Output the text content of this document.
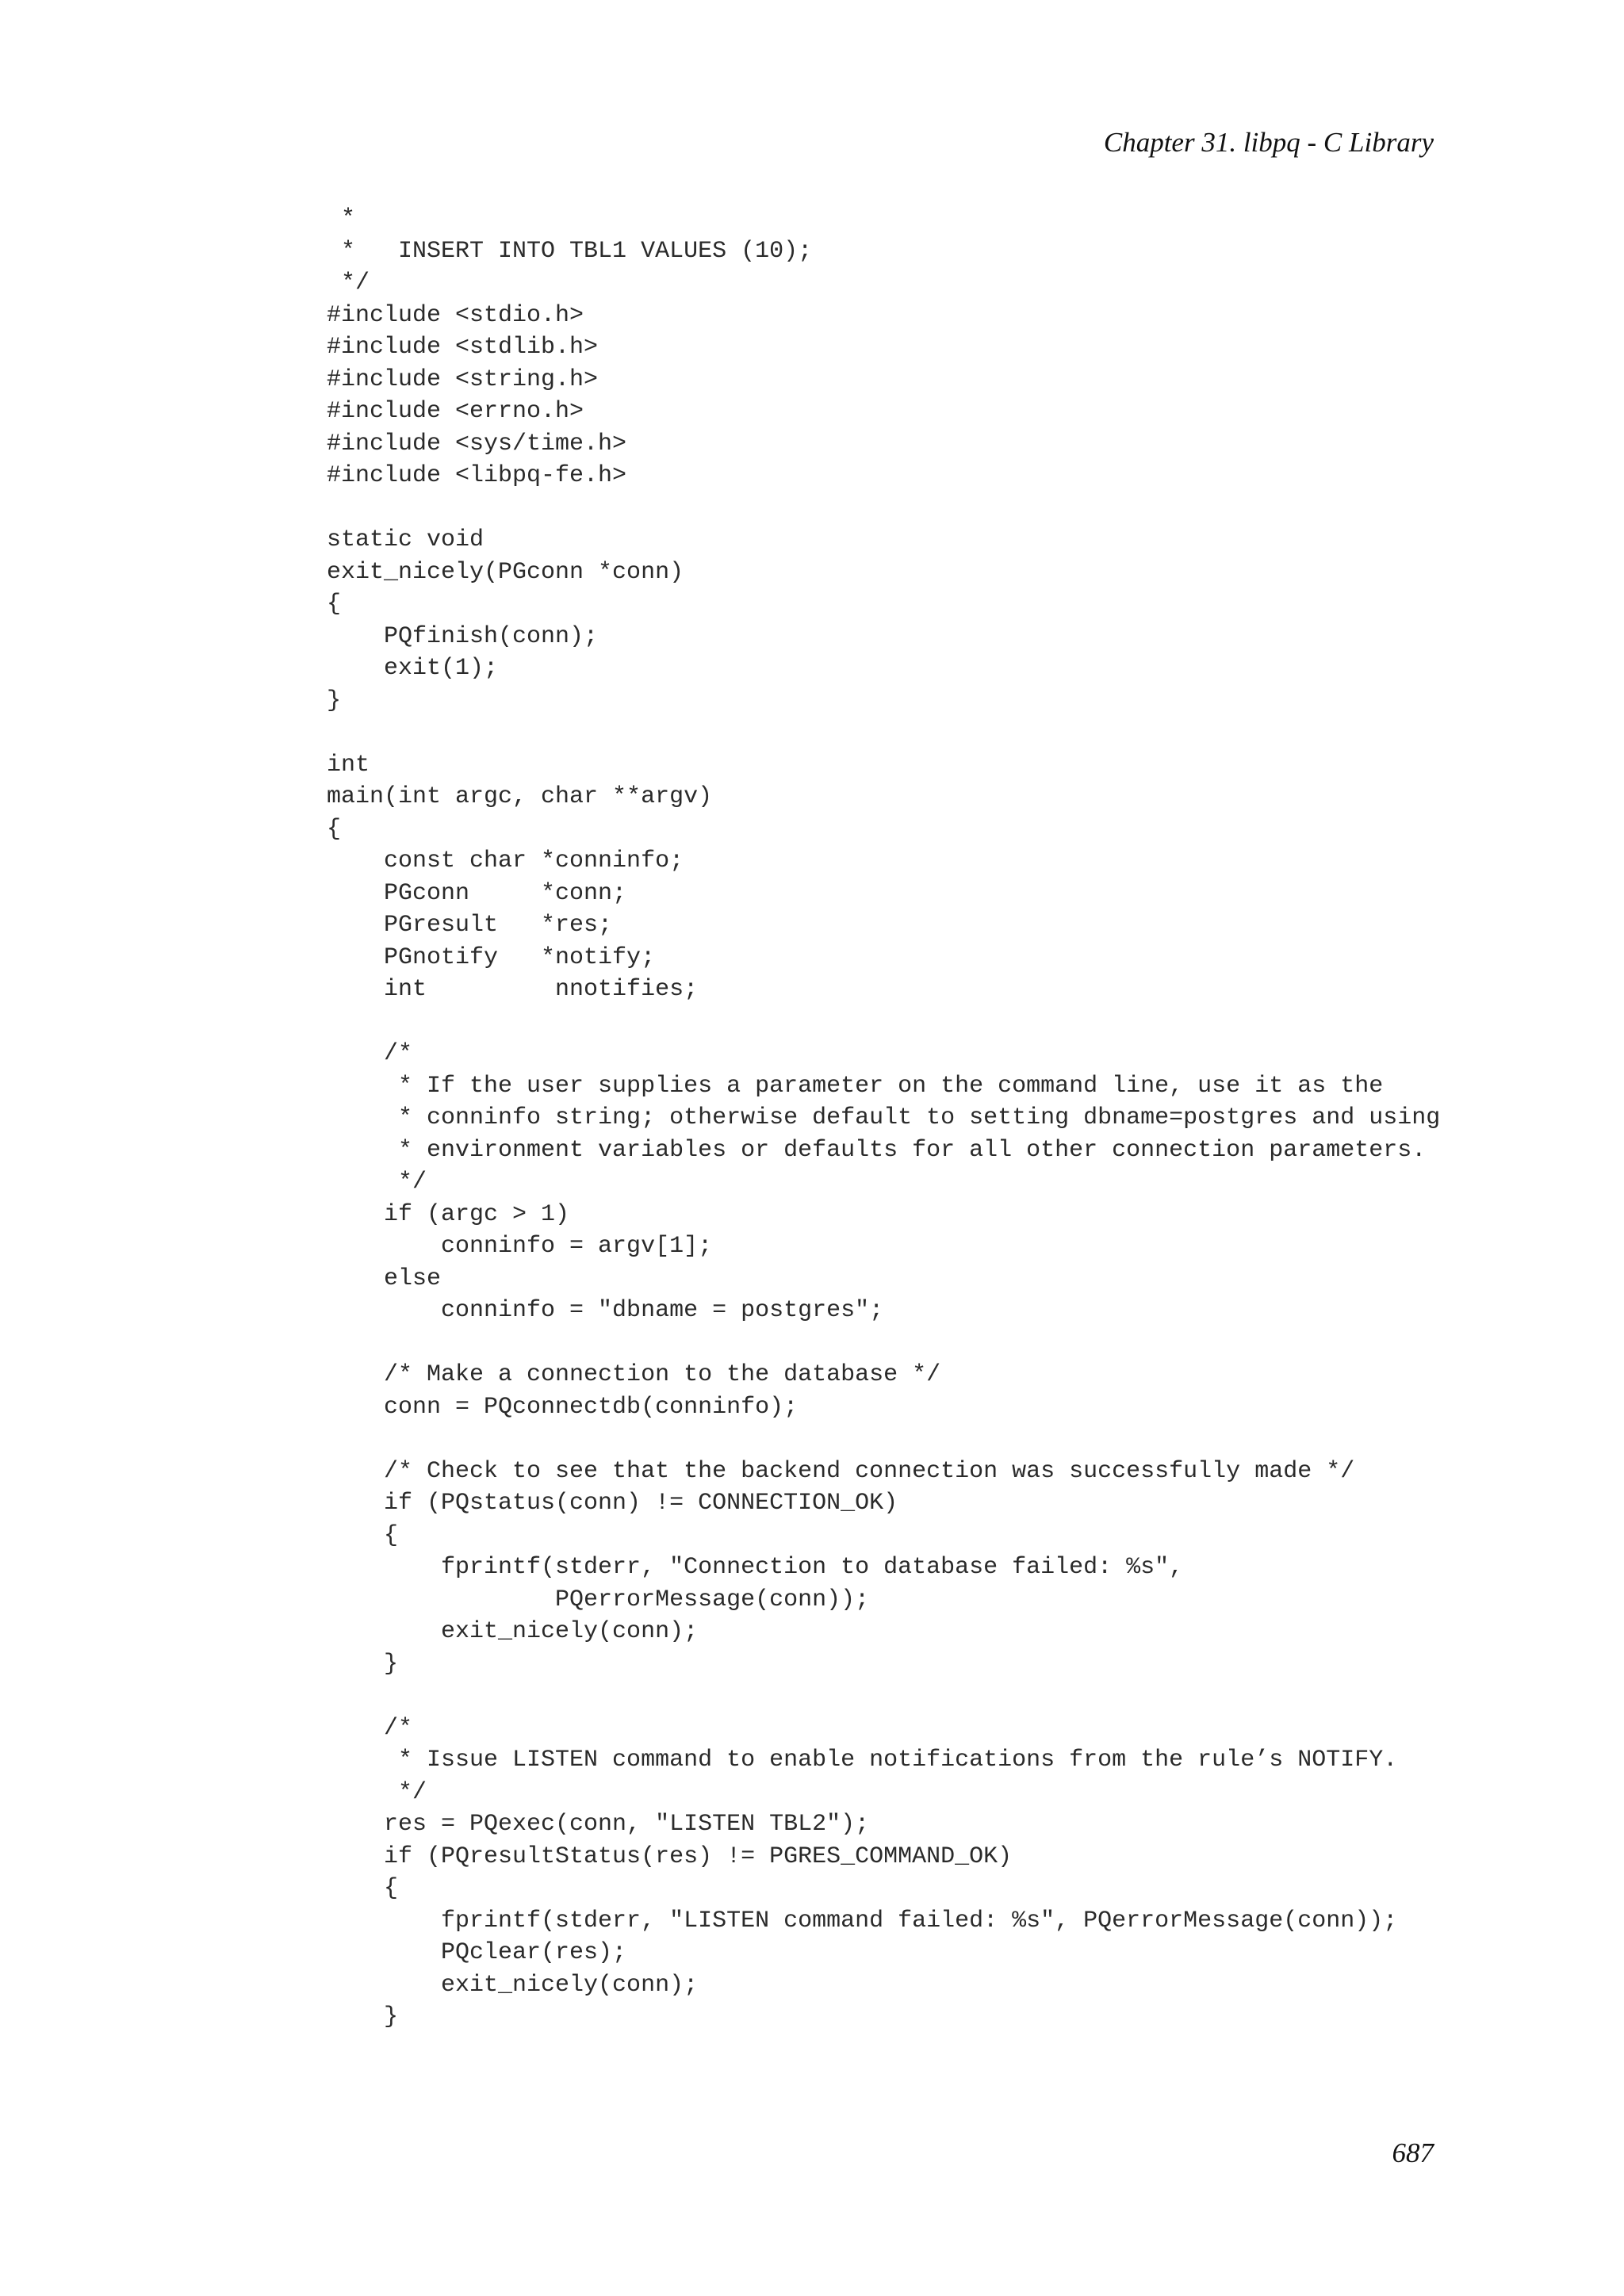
Chapter 31. libpq - C Library
*
*   INSERT INTO TBL1 VALUES (10);
*/
#include <stdio.h>
#include <stdlib.h>
#include <string.h>
#include <errno.h>
#include <sys/time.h>
#include <libpq-fe.h>
static void
exit_nicely(PGconn *conn)
{
PQfinish(conn);
exit(1);
}
int
main(int argc, char **argv)
{
const char *conninfo;
PGconn     *conn;
PGresult   *res;
PGnotify   *notify;
int         nnotifies;
/*
* If the user supplies a parameter on the command line, use it as the
* conninfo string; otherwise default to setting dbname=postgres and using
* environment variables or defaults for all other connection parameters.
*/
if (argc > 1)
conninfo = argv[1];
else
conninfo = "dbname = postgres";
/* Make a connection to the database */
conn = PQconnectdb(conninfo);
/* Check to see that the backend connection was successfully made */
if (PQstatus(conn) != CONNECTION_OK)
{
fprintf(stderr, "Connection to database failed: %s",
PQerrorMessage(conn));
exit_nicely(conn);
}
/*
* Issue LISTEN command to enable notifications from the rule’s NOTIFY.
*/
res = PQexec(conn, "LISTEN TBL2");
if (PQresultStatus(res) != PGRES_COMMAND_OK)
{
fprintf(stderr, "LISTEN command failed: %s", PQerrorMessage(conn));
PQclear(res);
exit_nicely(conn);
}
687
